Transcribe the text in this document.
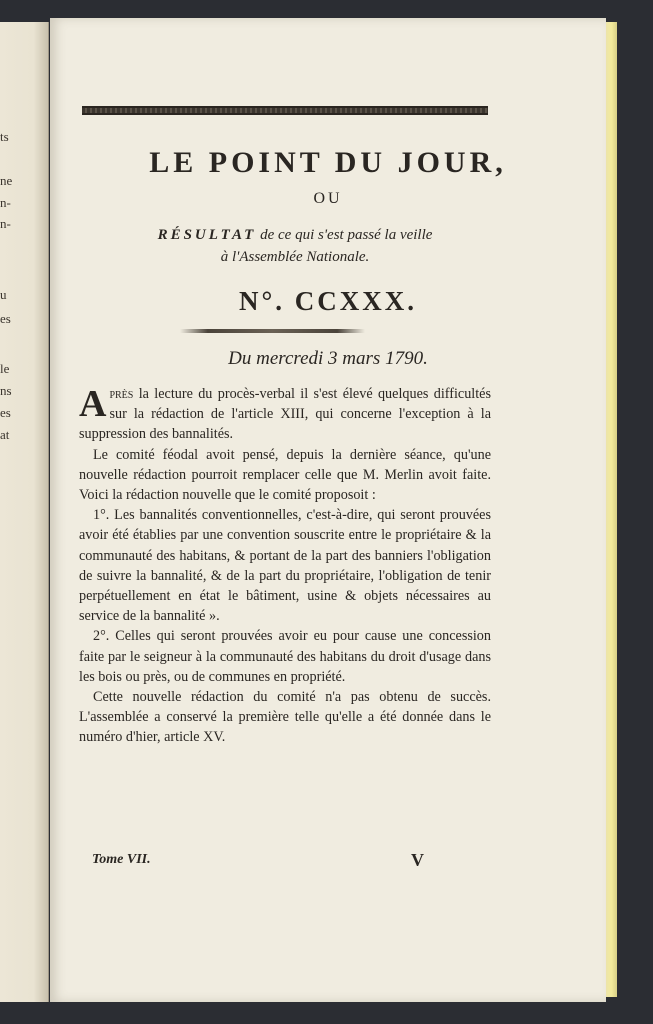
ts
ne
n-
n-
u
es
le
ns
es
at
LE POINT DU JOUR,
OU
RÉSULTAT de ce qui s'est passé la veille
à l'Assemblée Nationale.
N°. CCXXX.
Du mercredi 3 mars 1790.

Après la lecture du procès-verbal il s'est élevé quelques difficultés sur la rédaction de l'article XIII, qui concerne l'exception à la suppression des bannalités.

Le comité féodal avoit pensé, depuis la dernière séance, qu'une nouvelle rédaction pourroit remplacer celle que M. Merlin avoit faite. Voici la rédaction nouvelle que le comité proposoit :

1°. Les bannalités conventionnelles, c'est-à-dire, qui seront prouvées avoir été établies par une convention souscrite entre le propriétaire & la communauté des habitans, & portant de la part des banniers l'obligation de suivre la bannalité, & de la part du propriétaire, l'obligation de tenir perpétuellement en état le bâtiment, usine & objets nécessaires au service de la bannalité ».

2°. Celles qui seront prouvées avoir eu pour cause une concession faite par le seigneur à la communauté des habitans du droit d'usage dans les bois ou près, ou de communes en propriété.

Cette nouvelle rédaction du comité n'a pas obtenu de succès. L'assemblée a conservé la première telle qu'elle a été donnée dans le numéro d'hier, article XV.

Tome VII.	V
